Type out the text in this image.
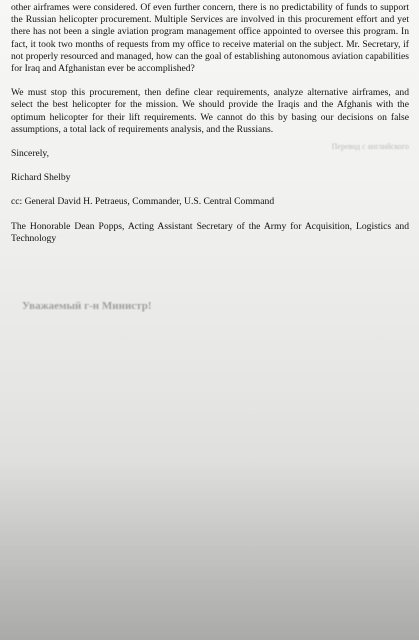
other airframes were considered. Of even further concern, there is no predictability of funds to support the Russian helicopter procurement. Multiple Services are involved in this procurement effort and yet there has not been a single aviation program management office appointed to oversee this program. In fact, it took two months of requests from my office to receive material on the subject. Mr. Secretary, if not properly resourced and managed, how can the goal of establishing autonomous aviation capabilities for Iraq and Afghanistan ever be accomplished?

We must stop this procurement, then define clear requirements, analyze alternative airframes, and select the best helicopter for the mission. We should provide the Iraqis and the Afghanis with the optimum helicopter for their lift requirements. We cannot do this by basing our decisions on false assumptions, a total lack of requirements analysis, and the Russians.

Sincerely,

Richard Shelby

cc: General David H. Petraeus, Commander, U.S. Central Command

The Honorable Dean Popps, Acting Assistant Secretary of the Army for Acquisition, Logistics and Technology

Перевод с английского
Уважаемый г-н Министр!
